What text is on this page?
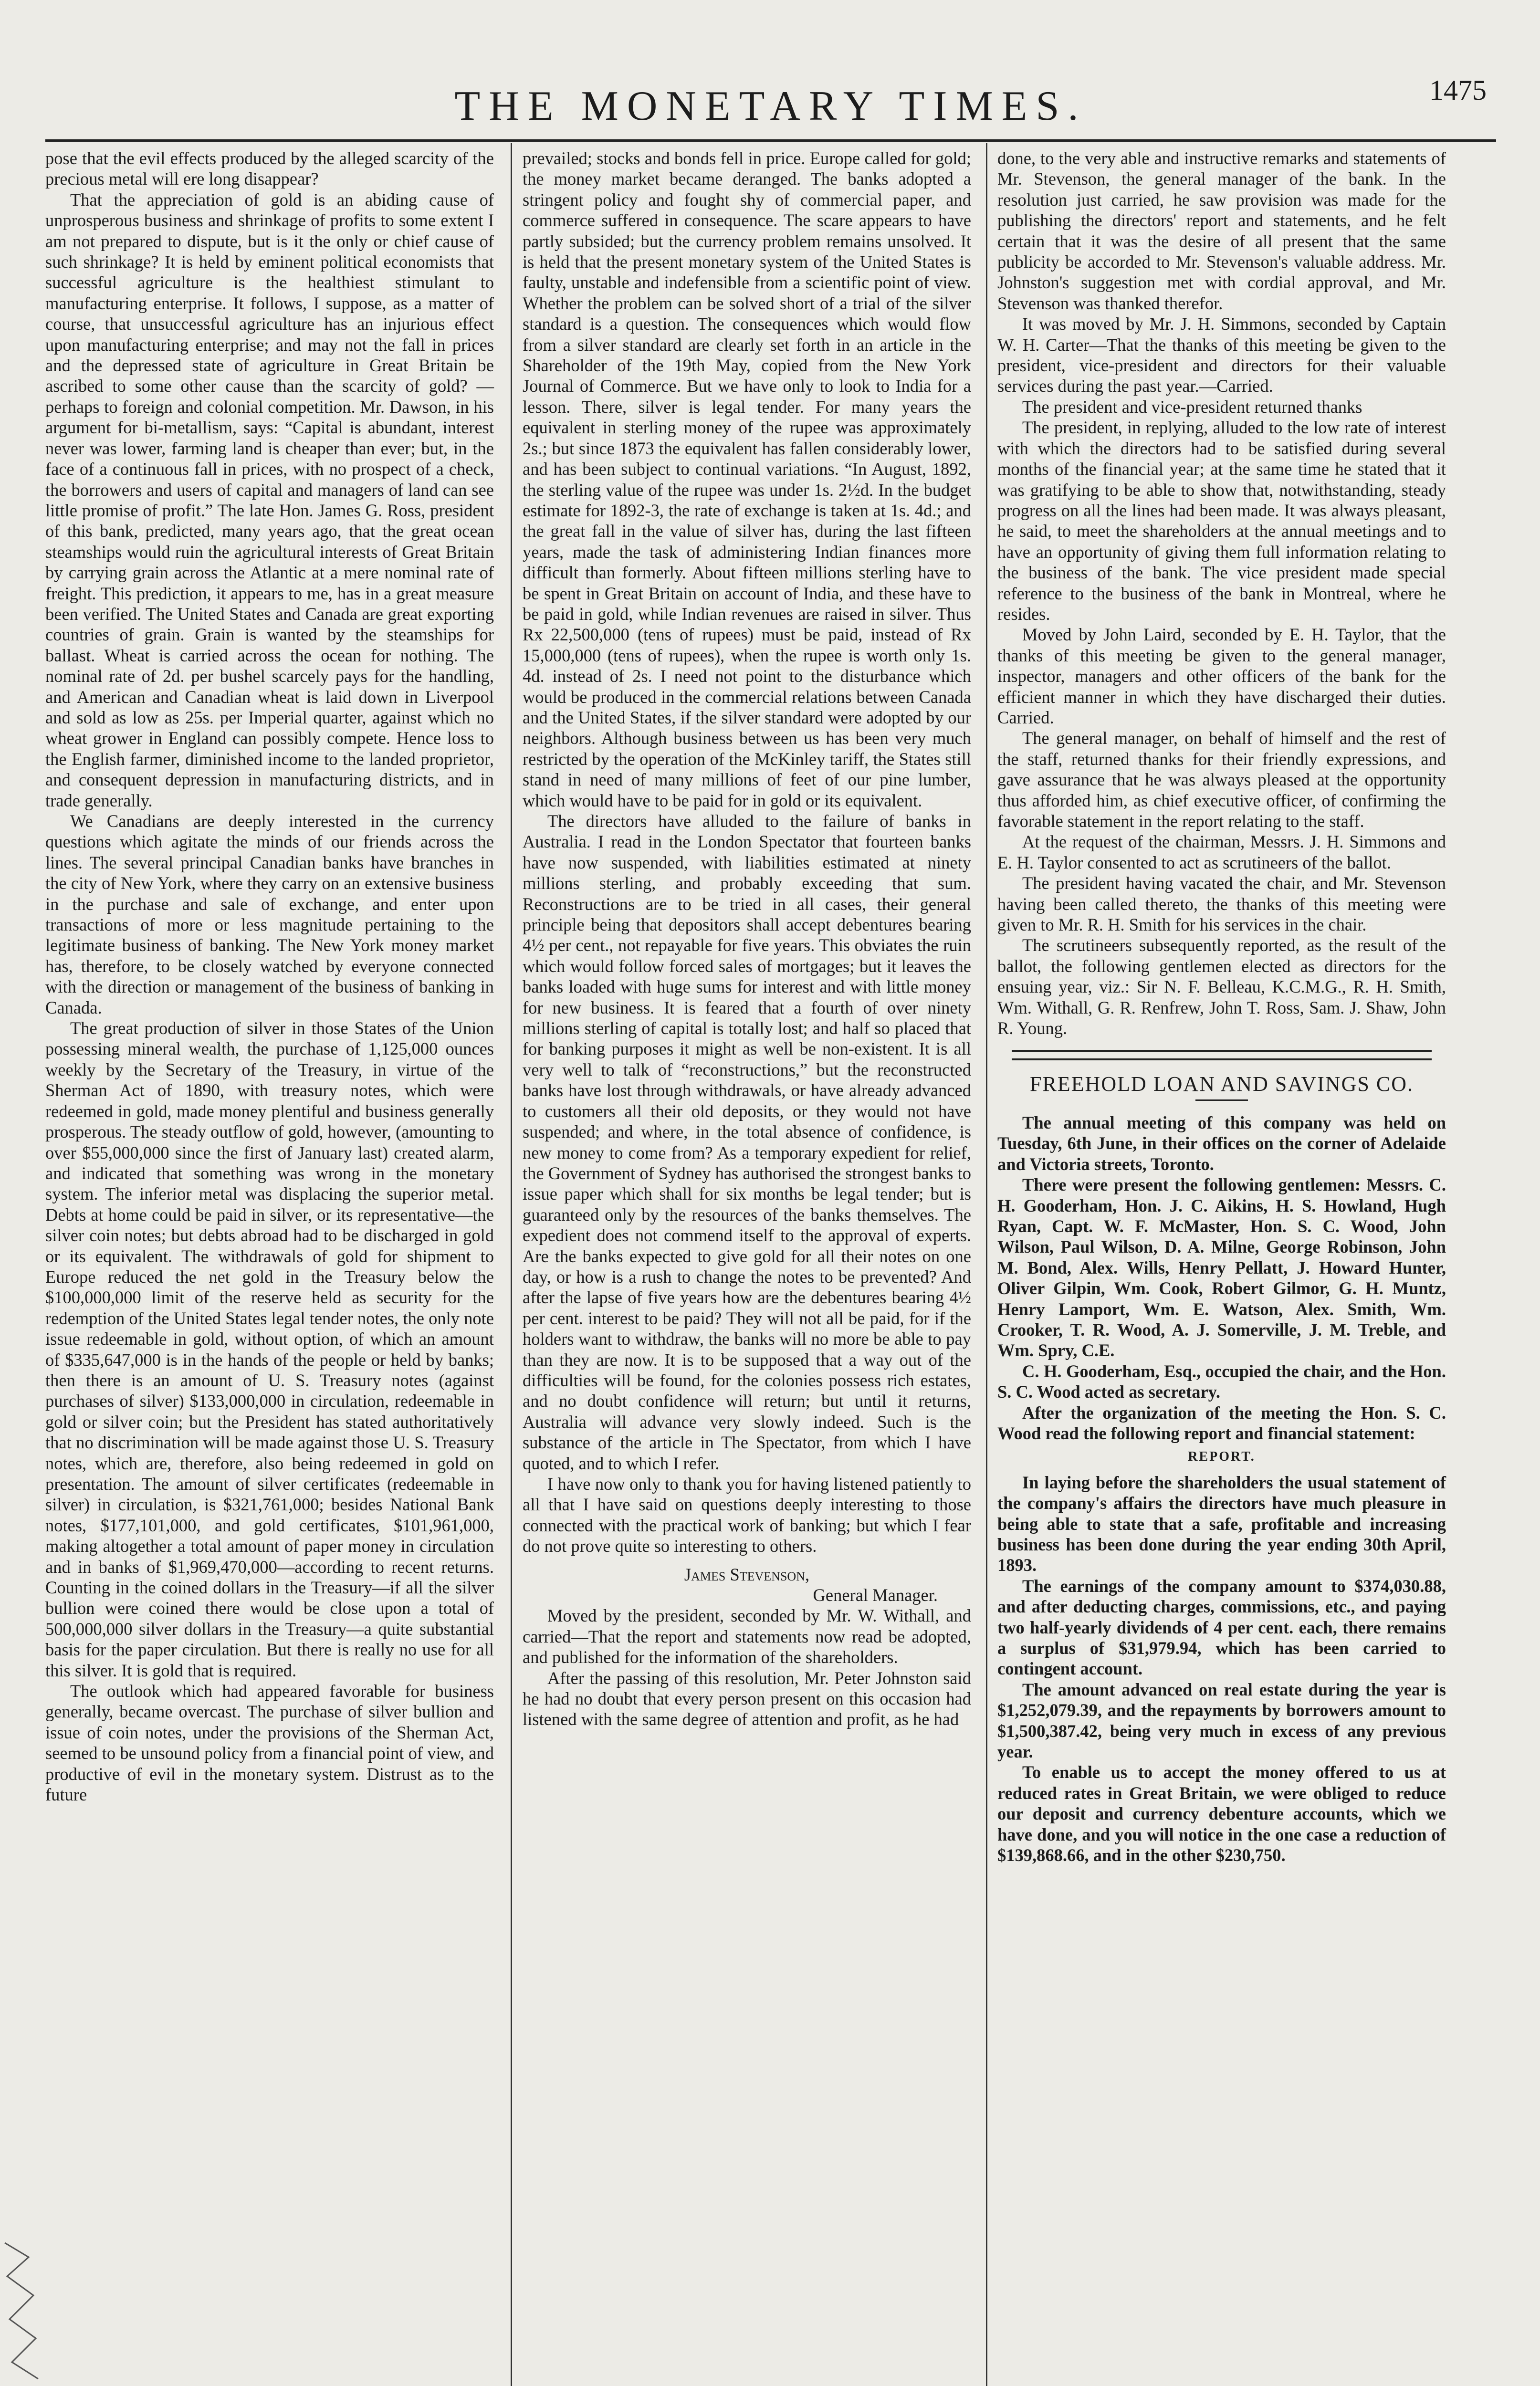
THE MONETARY TIMES.	1475

pose that the evil effects produced by the alleged scarcity of the precious metal will ere long disappear?

That the appreciation of gold is an abiding cause of unprosperous business and shrinkage of profits to some extent I am not prepared to dispute, but is it the only or chief cause of such shrinkage? It is held by eminent political economists that successful agriculture is the healthiest stimulant to manufacturing enterprise. It follows, I suppose, as a matter of course, that unsuccessful agriculture has an injurious effect upon manufacturing enterprise; and may not the fall in prices and the depressed state of agriculture in Great Britain be ascribed to some other cause than the scarcity of gold? —perhaps to foreign and colonial competition. Mr. Dawson, in his argument for bi-metallism, says: “Capital is abundant, interest never was lower, farming land is cheaper than ever; but, in the face of a continuous fall in prices, with no prospect of a check, the borrowers and users of capital and managers of land can see little promise of profit.” The late Hon. James G. Ross, president of this bank, predicted, many years ago, that the great ocean steamships would ruin the agricultural interests of Great Britain by carrying grain across the Atlantic at a mere nominal rate of freight. This prediction, it appears to me, has in a great measure been verified. The United States and Canada are great exporting countries of grain. Grain is wanted by the steamships for ballast. Wheat is carried across the ocean for nothing. The nominal rate of 2d. per bushel scarcely pays for the handling, and American and Canadian wheat is laid down in Liverpool and sold as low as 25s. per Imperial quarter, against which no wheat grower in England can possibly compete. Hence loss to the English farmer, diminished income to the landed proprietor, and consequent depression in manufacturing districts, and in trade generally.

We Canadians are deeply interested in the currency questions which agitate the minds of our friends across the lines. The several principal Canadian banks have branches in the city of New York, where they carry on an extensive business in the purchase and sale of exchange, and enter upon transactions of more or less magnitude pertaining to the legitimate business of banking. The New York money market has, therefore, to be closely watched by everyone connected with the direction or management of the business of banking in Canada.

The great production of silver in those States of the Union possessing mineral wealth, the purchase of 1,125,000 ounces weekly by the Secretary of the Treasury, in virtue of the Sherman Act of 1890, with treasury notes, which were redeemed in gold, made money plentiful and business generally prosperous. The steady outflow of gold, however, (amounting to over $55,000,000 since the first of January last) created alarm, and indicated that something was wrong in the monetary system. The inferior metal was displacing the superior metal. Debts at home could be paid in silver, or its representative—the silver coin notes; but debts abroad had to be discharged in gold or its equivalent. The withdrawals of gold for shipment to Europe reduced the net gold in the Treasury below the $100,000,000 limit of the reserve held as security for the redemption of the United States legal tender notes, the only note issue redeemable in gold, without option, of which an amount of $335,647,000 is in the hands of the people or held by banks; then there is an amount of U. S. Treasury notes (against purchases of silver) $133,000,000 in circulation, redeemable in gold or silver coin; but the President has stated authoritatively that no discrimination will be made against those U. S. Treasury notes, which are, therefore, also being redeemed in gold on presentation. The amount of silver certificates (redeemable in silver) in circulation, is $321,761,000; besides National Bank notes, $177,101,000, and gold certificates, $101,961,000, making altogether a total amount of paper money in circulation and in banks of $1,969,470,000—according to recent returns. Counting in the coined dollars in the Treasury—if all the silver bullion were coined there would be close upon a total of 500,000,000 silver dollars in the Treasury—a quite substantial basis for the paper circulation. But there is really no use for all this silver. It is gold that is required.

The outlook which had appeared favorable for business generally, became overcast. The purchase of silver bullion and issue of coin notes, under the provisions of the Sherman Act, seemed to be unsound policy from a financial point of view, and productive of evil in the monetary system. Distrust as to the future

prevailed; stocks and bonds fell in price. Europe called for gold; the money market became deranged. The banks adopted a stringent policy and fought shy of commercial paper, and commerce suffered in consequence. The scare appears to have partly subsided; but the currency problem remains unsolved. It is held that the present monetary system of the United States is faulty, unstable and indefensible from a scientific point of view. Whether the problem can be solved short of a trial of the silver standard is a question. The consequences which would flow from a silver standard are clearly set forth in an article in the Shareholder of the 19th May, copied from the New York Journal of Commerce. But we have only to look to India for a lesson. There, silver is legal tender. For many years the equivalent in sterling money of the rupee was approximately 2s.; but since 1873 the equivalent has fallen considerably lower, and has been subject to continual variations. “In August, 1892, the sterling value of the rupee was under 1s. 2½d. In the budget estimate for 1892-3, the rate of exchange is taken at 1s. 4d.; and the great fall in the value of silver has, during the last fifteen years, made the task of administering Indian finances more difficult than formerly. About fifteen millions sterling have to be spent in Great Britain on account of India, and these have to be paid in gold, while Indian revenues are raised in silver. Thus Rx 22,500,000 (tens of rupees) must be paid, instead of Rx 15,000,000 (tens of rupees), when the rupee is worth only 1s. 4d. instead of 2s. I need not point to the disturbance which would be produced in the commercial relations between Canada and the United States, if the silver standard were adopted by our neighbors. Although business between us has been very much restricted by the operation of the McKinley tariff, the States still stand in need of many millions of feet of our pine lumber, which would have to be paid for in gold or its equivalent.

The directors have alluded to the failure of banks in Australia. I read in the London Spectator that fourteen banks have now suspended, with liabilities estimated at ninety millions sterling, and probably exceeding that sum. Reconstructions are to be tried in all cases, their general principle being that depositors shall accept debentures bearing 4½ per cent., not repayable for five years. This obviates the ruin which would follow forced sales of mortgages; but it leaves the banks loaded with huge sums for interest and with little money for new business. It is feared that a fourth of over ninety millions sterling of capital is totally lost; and half so placed that for banking purposes it might as well be non-existent. It is all very well to talk of “reconstructions,” but the reconstructed banks have lost through withdrawals, or have already advanced to customers all their old deposits, or they would not have suspended; and where, in the total absence of confidence, is new money to come from? As a temporary expedient for relief, the Government of Sydney has authorised the strongest banks to issue paper which shall for six months be legal tender; but is guaranteed only by the resources of the banks themselves. The expedient does not commend itself to the approval of experts. Are the banks expected to give gold for all their notes on one day, or how is a rush to change the notes to be prevented? And after the lapse of five years how are the debentures bearing 4½ per cent. interest to be paid? They will not all be paid, for if the holders want to withdraw, the banks will no more be able to pay than they are now. It is to be supposed that a way out of the difficulties will be found, for the colonies possess rich estates, and no doubt confidence will return; but until it returns, Australia will advance very slowly indeed. Such is the substance of the article in The Spectator, from which I have quoted, and to which I refer.

I have now only to thank you for having listened patiently to all that I have said on questions deeply interesting to those connected with the practical work of banking; but which I fear do not prove quite so interesting to others.

James Stevenson,
General Manager.

Moved by the president, seconded by Mr. W. Withall, and carried—That the report and statements now read be adopted, and published for the information of the shareholders.

After the passing of this resolution, Mr. Peter Johnston said he had no doubt that every person present on this occasion had listened with the same degree of attention and profit, as he had

done, to the very able and instructive remarks and statements of Mr. Stevenson, the general manager of the bank. In the resolution just carried, he saw provision was made for the publishing the directors' report and statements, and he felt certain that it was the desire of all present that the same publicity be accorded to Mr. Stevenson's valuable address. Mr. Johnston's suggestion met with cordial approval, and Mr. Stevenson was thanked therefor.

It was moved by Mr. J. H. Simmons, seconded by Captain W. H. Carter—That the thanks of this meeting be given to the president, vice-president and directors for their valuable services during the past year.—Carried.

The president and vice-president returned thanks

The president, in replying, alluded to the low rate of interest with which the directors had to be satisfied during several months of the financial year; at the same time he stated that it was gratifying to be able to show that, notwithstanding, steady progress on all the lines had been made. It was always pleasant, he said, to meet the shareholders at the annual meetings and to have an opportunity of giving them full information relating to the business of the bank. The vice president made special reference to the business of the bank in Montreal, where he resides.

Moved by John Laird, seconded by E. H. Taylor, that the thanks of this meeting be given to the general manager, inspector, managers and other officers of the bank for the efficient manner in which they have discharged their duties. Carried.

The general manager, on behalf of himself and the rest of the staff, returned thanks for their friendly expressions, and gave assurance that he was always pleased at the opportunity thus afforded him, as chief executive officer, of confirming the favorable statement in the report relating to the staff.

At the request of the chairman, Messrs. J. H. Simmons and E. H. Taylor consented to act as scrutineers of the ballot.

The president having vacated the chair, and Mr. Stevenson having been called thereto, the thanks of this meeting were given to Mr. R. H. Smith for his services in the chair.

The scrutineers subsequently reported, as the result of the ballot, the following gentlemen elected as directors for the ensuing year, viz.: Sir N. F. Belleau, K.C.M.G., R. H. Smith, Wm. Withall, G. R. Renfrew, John T. Ross, Sam. J. Shaw, John R. Young.

FREEHOLD LOAN AND SAVINGS CO.

The annual meeting of this company was held on Tuesday, 6th June, in their offices on the corner of Adelaide and Victoria streets, Toronto.

There were present the following gentlemen: Messrs. C. H. Gooderham, Hon. J. C. Aikins, H. S. Howland, Hugh Ryan, Capt. W. F. McMaster, Hon. S. C. Wood, John Wilson, Paul Wilson, D. A. Milne, George Robinson, John M. Bond, Alex. Wills, Henry Pellatt, J. Howard Hunter, Oliver Gilpin, Wm. Cook, Robert Gilmor, G. H. Muntz, Henry Lamport, Wm. E. Watson, Alex. Smith, Wm. Crooker, T. R. Wood, A. J. Somerville, J. M. Treble, and Wm. Spry, C.E.

C. H. Gooderham, Esq., occupied the chair, and the Hon. S. C. Wood acted as secretary.

After the organization of the meeting the Hon. S. C. Wood read the following report and financial statement:

REPORT.

In laying before the shareholders the usual statement of the company's affairs the directors have much pleasure in being able to state that a safe, profitable and increasing business has been done during the year ending 30th April, 1893.

The earnings of the company amount to $374,030.88, and after deducting charges, commissions, etc., and paying two half-yearly dividends of 4 per cent. each, there remains a surplus of $31,979.94, which has been carried to contingent account.

The amount advanced on real estate during the year is $1,252,079.39, and the repayments by borrowers amount to $1,500,387.42, being very much in excess of any previous year.

To enable us to accept the money offered to us at reduced rates in Great Britain, we were obliged to reduce our deposit and currency debenture accounts, which we have done, and you will notice in the one case a reduction of $139,868.66, and in the other $230,750.
